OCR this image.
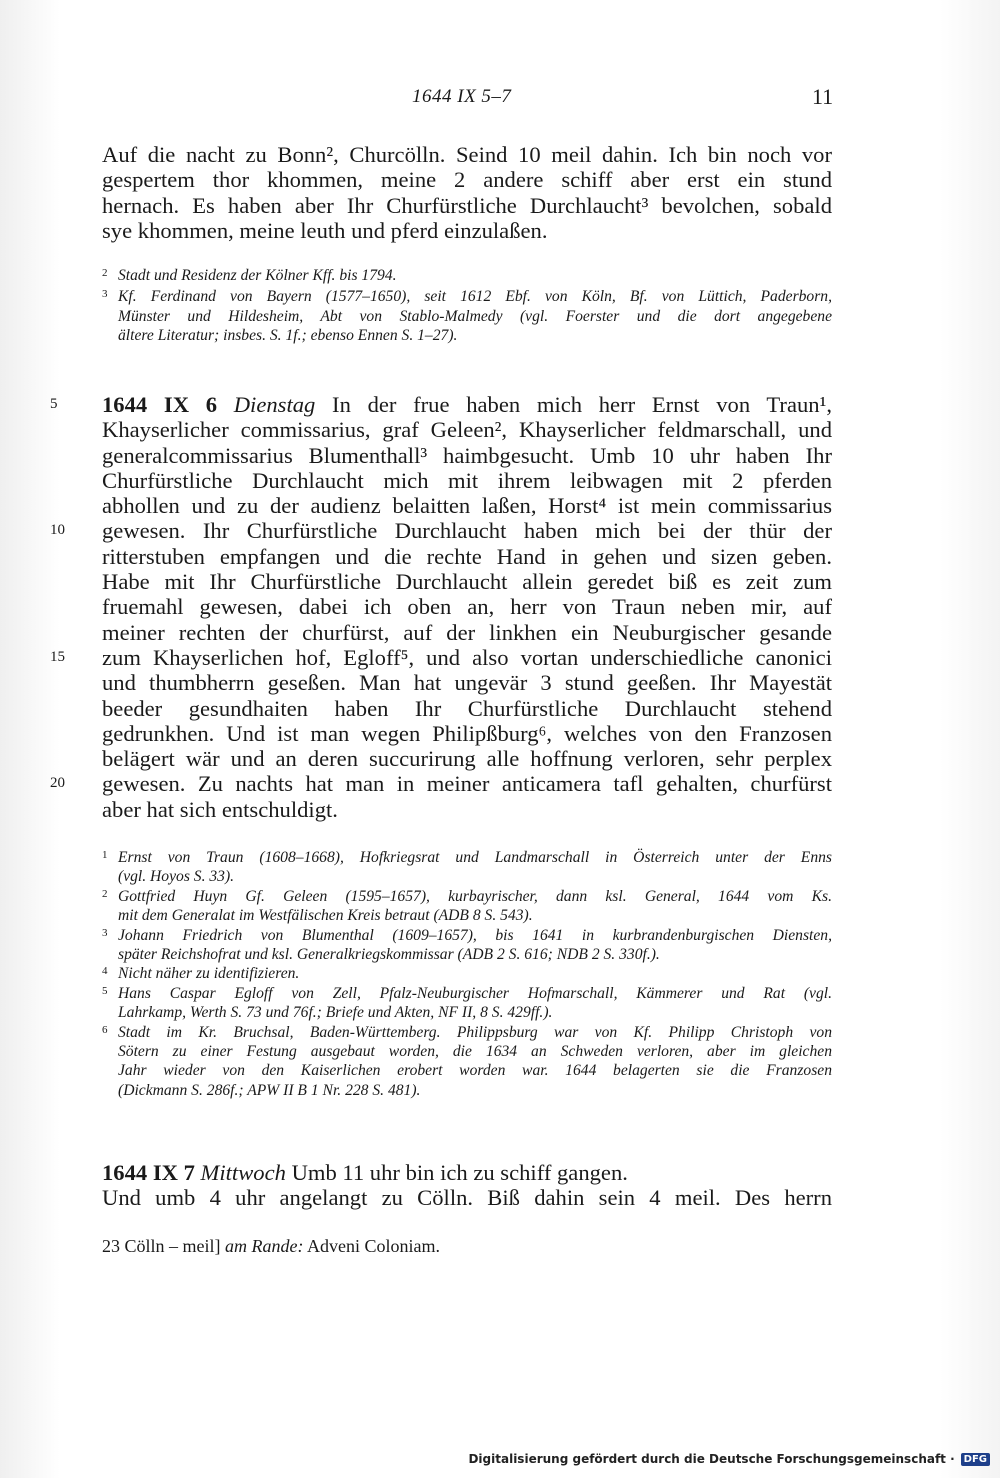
1644 IX 5–7	11
Auf die nacht zu Bonn², Churcölln. Seind 10 meil dahin. Ich bin noch vor
gespertem thor khommen, meine 2 andere schiff aber erst ein stund
hernach. Es haben aber Ihr Churfürstliche Durchlaucht³ bevolchen, sobald
sye khommen, meine leuth und pferd einzulaßen.
2 Stadt und Residenz der Kölner Kff. bis 1794.
3 Kf. Ferdinand von Bayern (1577–1650), seit 1612 Ebf. von Köln, Bf. von Lüttich, Paderborn,
Münster und Hildesheim, Abt von Stablo-Malmedy (vgl. Foerster und die dort angegebene
ältere Literatur; insbes. S. 1f.; ebenso Ennen S. 1–27).
5	1644 IX 6 Dienstag In der frue haben mich herr Ernst von Traun¹,
Khayserlicher commissarius, graf Geleen², Khayserlicher feldmarschall, und
generalcommissarius Blumenthall³ haimbgesucht. Umb 10 uhr haben Ihr
Churfürstliche Durchlaucht mich mit ihrem leibwagen mit 2 pferden
abhollen und zu der audienz belaitten laßen, Horst⁴ ist mein commissarius
10	gewesen. Ihr Churfürstliche Durchlaucht haben mich bei der thür der
ritterstuben empfangen und die rechte Hand in gehen und sizen geben.
Habe mit Ihr Churfürstliche Durchlaucht allein geredet biß es zeit zum
fruemahl gewesen, dabei ich oben an, herr von Traun neben mir, auf
meiner rechten der churfürst, auf der linkhen ein Neuburgischer gesande
15	zum Khayserlichen hof, Egloff⁵, und also vortan underschiedliche canonici
und thumbherrn geseßen. Man hat ungevär 3 stund geeßen. Ihr Mayestät
beeder gesundhaiten haben Ihr Churfürstliche Durchlaucht stehend
gedrunkhen. Und ist man wegen Philipßburg⁶, welches von den Franzosen
belägert wär und an deren succurirung alle hoffnung verloren, sehr perplex
20	gewesen. Zu nachts hat man in meiner anticamera tafl gehalten, churfürst
aber hat sich entschuldigt.
1 Ernst von Traun (1608–1668), Hofkriegsrat und Landmarschall in Österreich unter der Enns
(vgl. Hoyos S. 33).
2 Gottfried Huyn Gf. Geleen (1595–1657), kurbayrischer, dann ksl. General, 1644 vom Ks.
mit dem Generalat im Westfälischen Kreis betraut (ADB 8 S. 543).
3 Johann Friedrich von Blumenthal (1609–1657), bis 1641 in kurbrandenburgischen Diensten,
später Reichshofrat und ksl. Generalkriegskommissar (ADB 2 S. 616; NDB 2 S. 330f.).
4 Nicht näher zu identifizieren.
5 Hans Caspar Egloff von Zell, Pfalz-Neuburgischer Hofmarschall, Kämmerer und Rat (vgl.
Lahrkamp, Werth S. 73 und 76f.; Briefe und Akten, NF II, 8 S. 429ff.).
6 Stadt im Kr. Bruchsal, Baden-Württemberg. Philippsburg war von Kf. Philipp Christoph von
Sötern zu einer Festung ausgebaut worden, die 1634 an Schweden verloren, aber im gleichen
Jahr wieder von den Kaiserlichen erobert worden war. 1644 belagerten sie die Franzosen
(Dickmann S. 286f.; APW II B 1 Nr. 228 S. 481).
1644 IX 7 Mittwoch Umb 11 uhr bin ich zu schiff gangen.
Und umb 4 uhr angelangt zu Cölln. Biß dahin sein 4 meil. Des herrn
23 Cölln – meil] am Rande: Adveni Coloniam.
Digitalisierung gefördert durch die Deutsche Forschungsgemeinschaft · DFG
